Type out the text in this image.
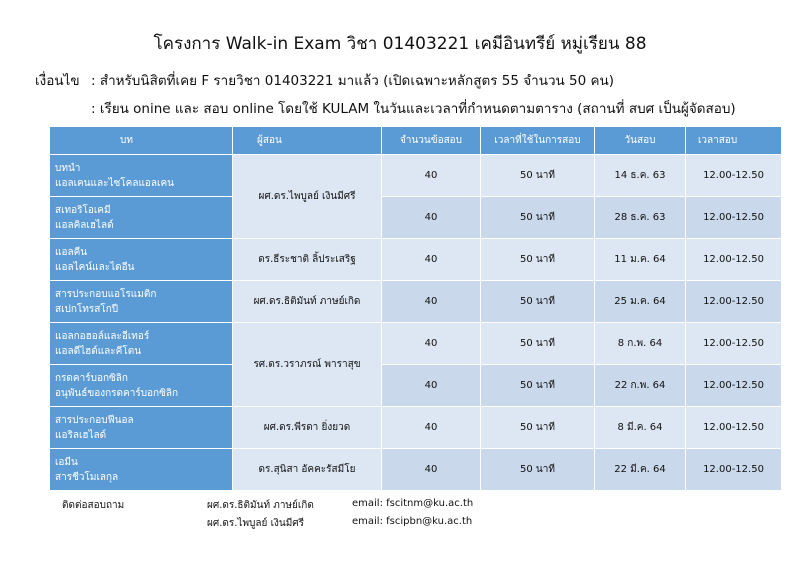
โครงการ Walk-in Exam วิชา 01403221 เคมีอินทรีย์ หมู่เรียน 88
เงื่อนไข : สำหรับนิสิตที่เคย F รายวิชา 01403221 มาแล้ว (เปิดเฉพาะหลักสูตร 55 จำนวน 50 คน)
: เรียน onine และ สอบ online โดยใช้ KULAM ในวันและเวลาที่กำหนดตามตาราง (สถานที่ สบศ เป็นผู้จัดสอบ)
บท	ผู้สอน	จำนวนข้อสอบ	เวลาที่ใช้ในการสอบ	วันสอบ	เวลาสอบ
บทนำ
แอลเคนและไซโคลแอลเคน	ผศ.ดร.ไพบูลย์ เงินมีศรี	40	50 นาที	14 ธ.ค. 63	12.00-12.50
สเทอริโอเคมี
แอลคิลเฮไลด์		40	50 นาที	28 ธ.ค. 63	12.00-12.50
แอลคีน
แอลไคน์และไดอีน	ดร.ธีระชาติ ลิ้ประเสริฐ	40	50 นาที	11 ม.ค. 64	12.00-12.50
สารประกอบแอโรแมติก
สเปกโทรสโกปี	ผศ.ดร.ธิติมันท์ ภาษย์เกิด	40	50 นาที	25 ม.ค. 64	12.00-12.50
แอลกอฮอล์และอีเทอร์
แอลดีไฮด์และคีโตน	รศ.ดร.วราภรณ์ พาราสุข	40	50 นาที	8 ก.พ. 64	12.00-12.50
กรดคาร์บอกซิลิก
อนุพันธ์ของกรดคาร์บอกซิลิก		40	50 นาที	22 ก.พ. 64	12.00-12.50
สารประกอบฟีนอล
แอริลเฮไลด์	ผศ.ดร.พีรดา ยิ่งยวด	40	50 นาที	8 มี.ค. 64	12.00-12.50
เอมีน
สารชีวโมเลกุล	ดร.สุนิสา อัคคะรัสมีโย	40	50 นาที	22 มี.ค. 64	12.00-12.50
ติดต่อสอบถาม	ผศ.ดร.ธิติมันท์ ภาษย์เกิด	email: fscitnm@ku.ac.th
ผศ.ดร.ไพบูลย์ เงินมีศรี	email: fscipbn@ku.ac.th
